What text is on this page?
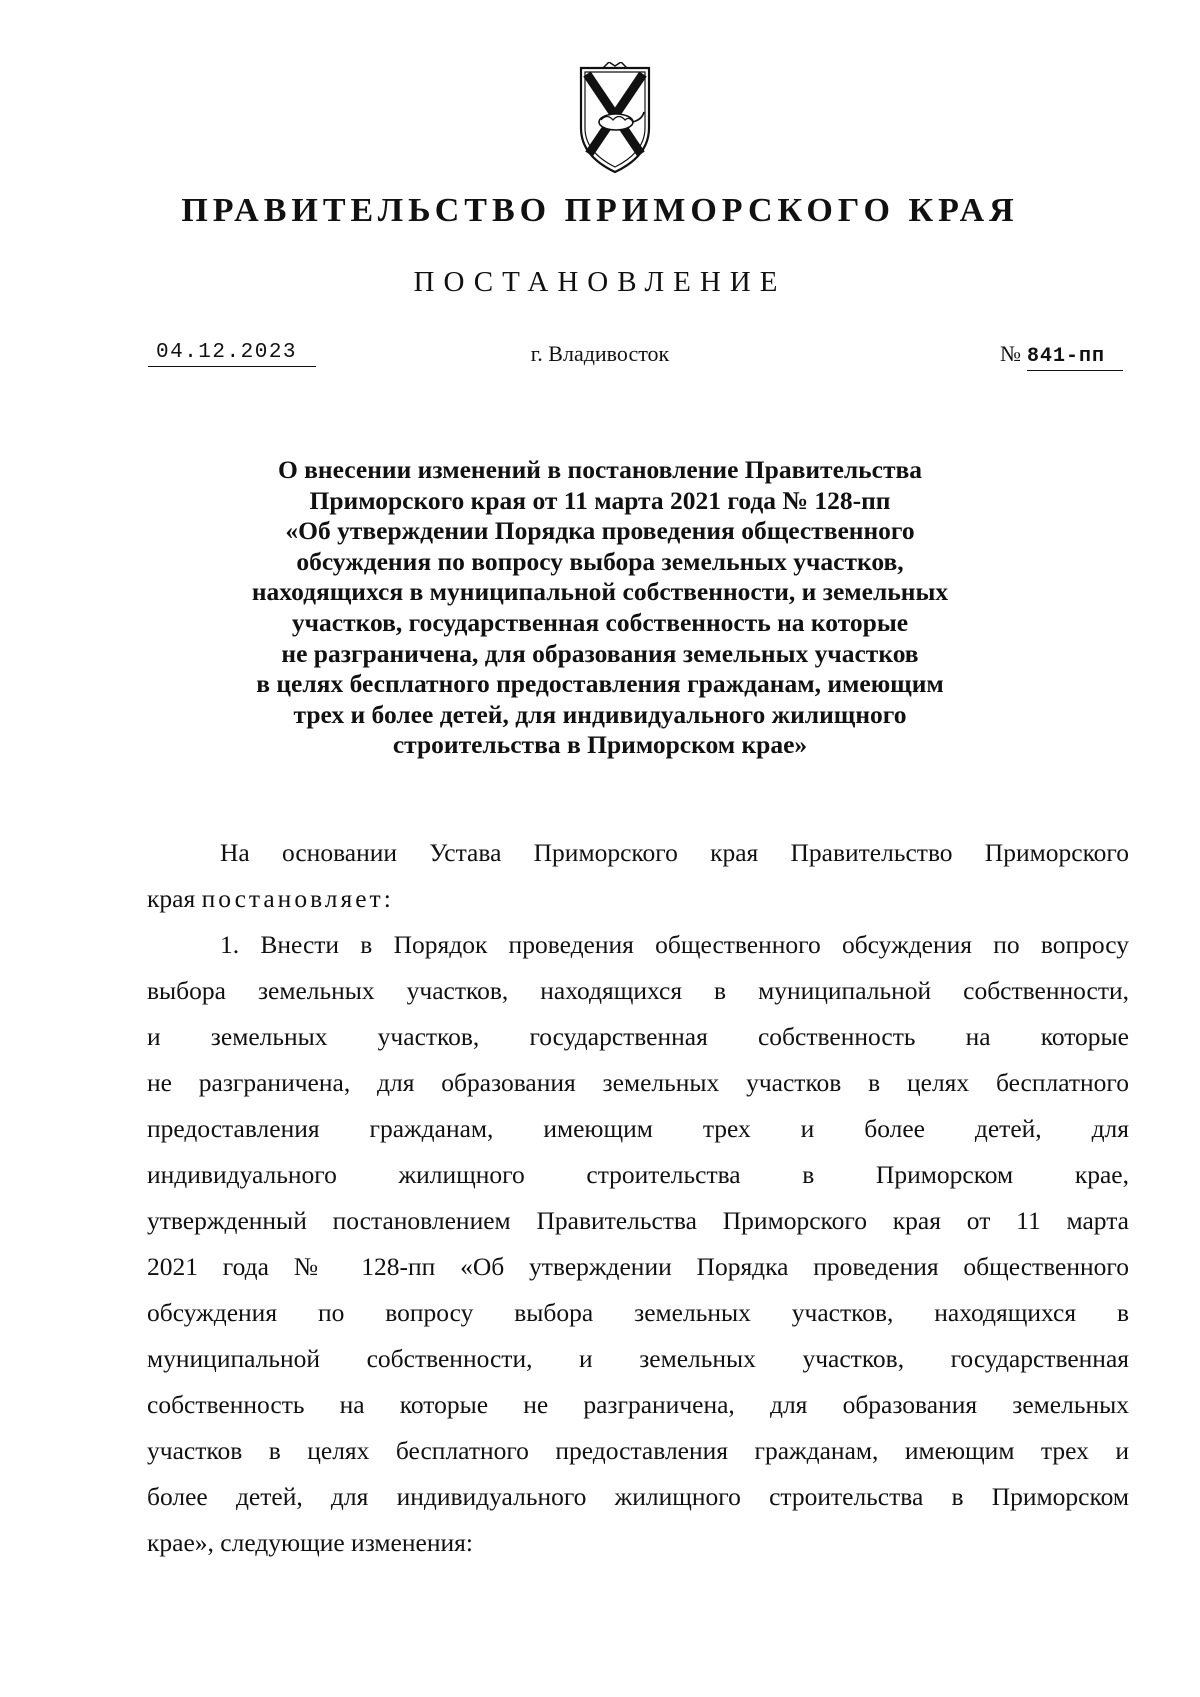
ПРАВИТЕЛЬСТВО ПРИМОРСКОГО КРАЯ
ПОСТАНОВЛЕНИЕ
04.12.2023	г. Владивосток	№ 841-пп
О внесении изменений в постановление Правительства
Приморского края от 11 марта 2021 года № 128-пп
«Об утверждении Порядка проведения общественного
обсуждения по вопросу выбора земельных участков,
находящихся в муниципальной собственности, и земельных
участков, государственная собственность на которые
не разграничена, для образования земельных участков
в целях бесплатного предоставления гражданам, имеющим
трех и более детей, для индивидуального жилищного
строительства в Приморском крае»

На основании Устава Приморского края Правительство Приморского
края постановляет:

1. Внести в Порядок проведения общественного обсуждения по вопросу
выбора земельных участков, находящихся в муниципальной собственности,
и земельных участков, государственная собственность на которые
не разграничена, для образования земельных участков в целях бесплатного
предоставления гражданам, имеющим трех и более детей, для
индивидуального жилищного строительства в Приморском крае,
утвержденный постановлением Правительства Приморского края от 11 марта
2021 года № 128-пп «Об утверждении Порядка проведения общественного
обсуждения по вопросу выбора земельных участков, находящихся в
муниципальной собственности, и земельных участков, государственная
собственность на которые не разграничена, для образования земельных
участков в целях бесплатного предоставления гражданам, имеющим трех и
более детей, для индивидуального жилищного строительства в Приморском
крае», следующие изменения:
